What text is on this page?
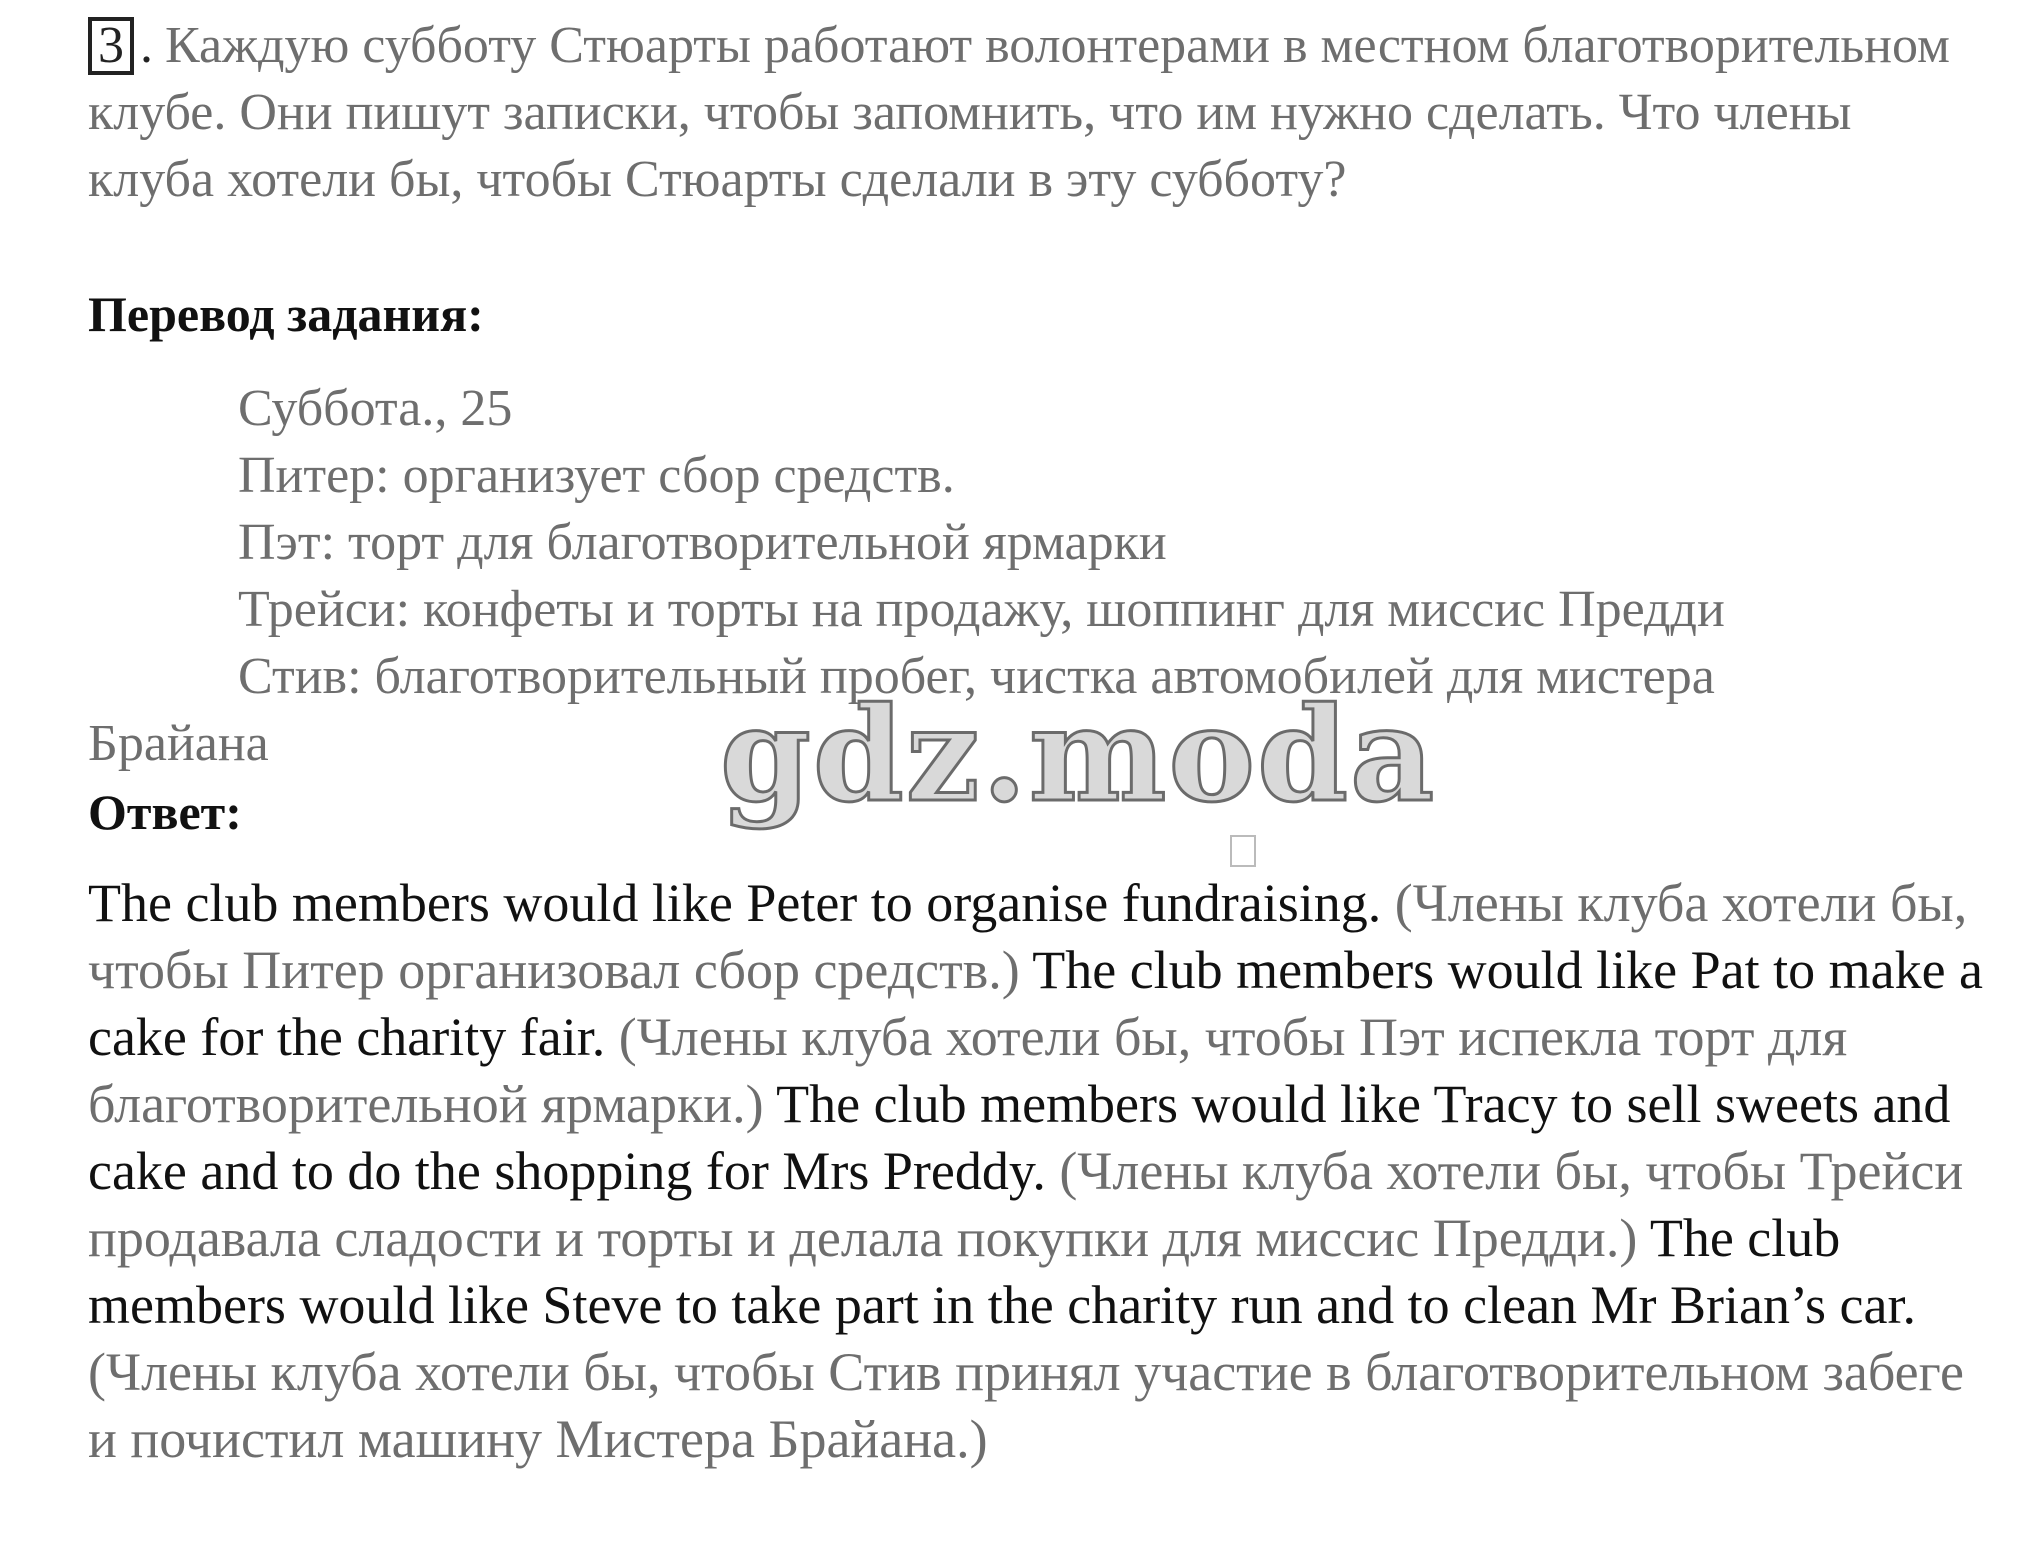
3 . Каждую субботу Стюарты работают волонтерами в местном благотворительном клубе. Они пишут записки, чтобы запомнить, что им нужно сделать. Что члены клуба хотели бы, чтобы Стюарты сделали в эту субботу?
Перевод задания:
Суббота., 25
Питер: организует сбор средств.
Пэт: торт для благотворительной ярмарки
Трейси: конфеты и торты на продажу, шоппинг для миссис Предди
Стив: благотворительный пробег, чистка автомобилей для мистера
Брайана
Ответ:
The club members would like Peter to organise fundraising. (Члены клуба хотели бы, чтобы Питер организовал сбор средств.) The club members would like Pat to make a cake for the charity fair. (Члены клуба хотели бы, чтобы Пэт испекла торт для благотворительной ярмарки.) The club members would like Tracy to sell sweets and cake and to do the shopping for Mrs Preddy. (Члены клуба хотели бы, чтобы Трейси продавала сладости и торты и делала покупки для миссис Предди.) The club members would like Steve to take part in the charity run and to clean Mr Brian’s car. (Члены клуба хотели бы, чтобы Стив принял участие в благотворительном забеге и почистил машину Мистера Брайана.)
gdz.moda
